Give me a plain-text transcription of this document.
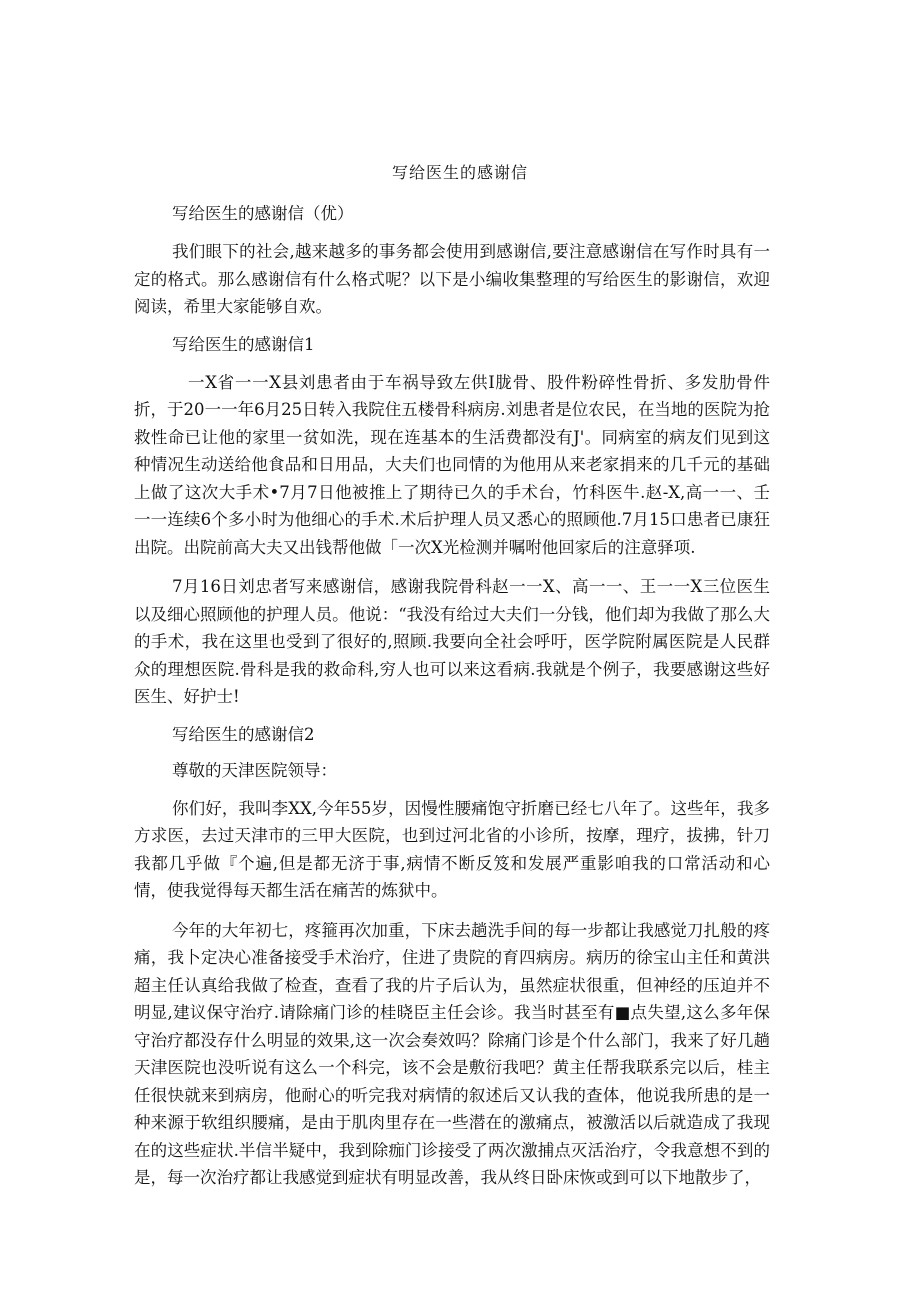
写给医生的感谢信
写给医生的感谢信（优）
我们眼下的社会,越来越多的事务都会使用到感谢信,要注意感谢信在写作时具有一定的格式。那么感谢信有什么格式呢？以下是小编收集整理的写给医生的影谢信，欢迎阅读，希里大家能够自欢。
写给医生的感谢信1
一X省一一X县刘患者由于车祸导致左供I胧骨、股件粉碎性骨折、多发肋骨件折，于20一一年6月25日转入我院住五楼骨科病房.刘患者是位农民，在当地的医院为抢救性命已让他的家里一贫如洗，现在连基本的生活费都没有J'。同病室的病友们见到这种情况生动送给他食品和日用品，大夫们也同情的为他用从来老家捐来的几千元的基础上做了这次大手术•7月7日他被推上了期待已久的手术台，竹科医牛.赵-X,高一一、壬一一连续6个多小时为他细心的手术.术后护理人员又悉心的照顾他.7月15口患者已康狂出院。出院前高大夫又出钱帮他做「一次X光检测并嘱咐他回家后的注意驿项.
7月16日刘忠者写来感谢信，感谢我院骨科赵一一X、高一一、王一一X三位医生以及细心照顾他的护理人员。他说：“我没有给过大夫们一分钱，他们却为我做了那么大的手术，我在这里也受到了很好的,照顾.我要向全社会呼吁，医学院附属医院是人民群众的理想医院.骨科是我的救命科,穷人也可以来这看病.我就是个例子，我要感谢这些好医生、好护士!
写给医生的感谢信2
尊敬的天津医院领导：
你们好，我叫李XX,今年55岁，因慢性腰痛饱守折磨已经七八年了。这些年，我多方求医，去过天津市的三甲大医院，也到过河北省的小诊所，按摩，理疗，拔拂，针刀我都几乎做『个遍,但是都无济于事,病情不断反笈和发展严重影咱我的口常活动和心情，使我觉得每天都生活在痛苦的炼狱中。
今年的大年初七，疼箍再次加重，下床去趟洗手间的每一步都让我感觉刀扎般的疼痛，我卜定决心准备接受手术治疗，住进了贵院的育四病房。病历的徐宝山主任和黄洪超主任认真给我做了检查，查看了我的片子后认为，虽然症状很重，但神经的压迫并不明显,建议保守治疗.请除痛门诊的桂晓臣主任会诊。我当时甚至有■点失望,这么多年保守治疗都没存什么明显的效果,这一次会奏效吗？除痛门诊是个什么部门，我来了好几趟天津医院也没听说有这么一个科完，该不会是敷衍我吧？黄主任帮我联系完以后，桂主任很快就来到病房，他耐心的听完我对病情的叙述后又认我的查体，他说我所患的是一种来源于软组织腰痛，是由于肌肉里存在一些潜在的激痛点，被激活以后就造成了我现在的这些症状.半信半疑中，我到除痂门诊接受了两次激捕点灭活治疗，令我意想不到的是，每一次治疗都让我感觉到症状有明显改善，我从终日卧床恢或到可以下地散步了，
